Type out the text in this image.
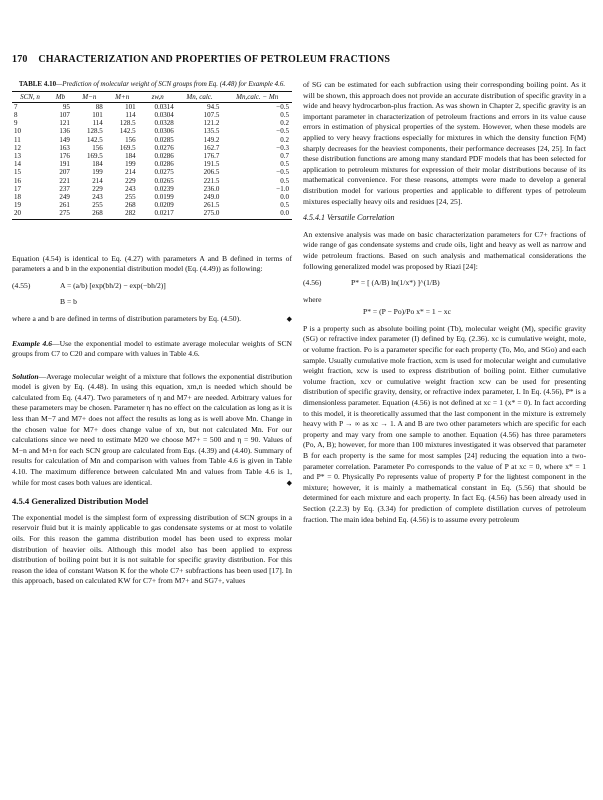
170 CHARACTERIZATION AND PROPERTIES OF PETROLEUM FRACTIONS
TABLE 4.10—Prediction of molecular weight of SCN groups from Eq. (4.48) for Example 4.6.
SCN, n	Mb	M−n	M+n	zw,n	Mn, calc.	Mn,calc. − Mn
7	95	88	101	0.0314	94.5	−0.5
8	107	101	114	0.0304	107.5	0.5
9	121	114	128.5	0.0328	121.2	0.2
10	136	128.5	142.5	0.0306	135.5	−0.5
11	149	142.5	156	0.0285	149.2	0.2
12	163	156	169.5	0.0276	162.7	−0.3
13	176	169.5	184	0.0286	176.7	0.7
14	191	184	199	0.0286	191.5	0.5
15	207	199	214	0.0275	206.5	−0.5
16	221	214	229	0.0265	221.5	0.5
17	237	229	243	0.0239	236.0	−1.0
18	249	243	255	0.0199	249.0	0.0
19	261	255	268	0.0209	261.5	0.5
20	275	268	282	0.0217	275.0	0.0

Equation (4.54) is identical to Eq. (4.27) with parameters A and B defined in terms of parameters a and b in the exponential distribution model (Eq. (4.49)) as following:

(4.55)	A = (a/b) [exp(bh/2) − exp(−bh/2)]
B = b

where a and b are defined in terms of distribution parameters by Eq. (4.50).	◆

Example 4.6—Use the exponential model to estimate average molecular weights of SCN groups from C7 to C20 and compare with values in Table 4.6.

Solution—Average molecular weight of a mixture that follows the exponential distribution model is given by Eq. (4.48). In using this equation, xm,n is needed which should be calculated from Eq. (4.47). Two parameters of η and M7+ are needed. Arbitrary values for these parameters may be chosen. Parameter η has no effect on the calculation as long as it is less than M−7 and M7+ does not affect the results as long as is well above Mn. Change in the chosen value for M7+ does change value of xn, but not calculated Mn. For our calculations since we need to estimate M20 we choose M7+ = 500 and η = 90. Values of M−n and M+n for each SCN group are calculated from Eqs. (4.39) and (4.40). Summary of results for calculation of Mn and comparison with values from Table 4.6 is given in Table 4.10. The maximum difference between calculated Mn and values from Table 4.6 is 1, while for most cases both values are identical.	◆

4.5.4 Generalized Distribution Model

The exponential model is the simplest form of expressing distribution of SCN groups in a reservoir fluid but it is mainly applicable to gas condensate systems or at most to volatile oils. For this reason the gamma distribution model has been used to express molar distribution of heavier oils. Although this model also has been applied to express distribution of boiling point but it is not suitable for specific gravity distribution. For this reason the idea of constant Watson K for the whole C7+ subfractions has been used [17]. In this approach, based on calculated KW for C7+ from M7+ and SG7+, values

of SG can be estimated for each subfraction using their corresponding boiling point. As it will be shown, this approach does not provide an accurate distribution of specific gravity in a wide and heavy hydrocarbon-plus fraction. As was shown in Chapter 2, specific gravity is an important parameter in characterization of petroleum fractions and errors in its value cause errors in estimation of physical properties of the system. However, when these models are applied to very heavy fractions especially for mixtures in which the density function F(M) sharply decreases for the heaviest components, their performance decreases [24, 25]. In fact these distribution functions are among many standard PDF models that has been selected for application to petroleum mixtures for expression of their molar distributions because of its mathematical convenience. For these reasons, attempts were made to develop a general distribution model for various properties and applicable to different types of petroleum mixtures especially heavy oils and residues [24, 25].

4.5.4.1 Versatile Correlation

An extensive analysis was made on basic characterization parameters for C7+ fractions of wide range of gas condensate systems and crude oils, light and heavy as well as narrow and wide petroleum fractions. Based on such analysis and mathematical considerations the following generalized model was proposed by Riazi [24]:

(4.56)	P* = [ (A/B) ln(1/x*) ]^(1/B)
where
P* = (P − Po)/Po x* = 1 − xc

P is a property such as absolute boiling point (Tb), molecular weight (M), specific gravity (SG) or refractive index parameter (I) defined by Eq. (2.36). xc is cumulative weight, mole, or volume fraction. Po is a parameter specific for each property (To, Mo, and SGo) and each sample. Usually cumulative mole fraction, xcm is used for molecular weight and cumulative weight fraction, xcw is used to express distribution of boiling point. Either cumulative volume fraction, xcv or cumulative weight fraction xcw can be used for presenting distribution of specific gravity, density, or refractive index parameter, I. In Eq. (4.56), P* is a dimensionless parameter. Equation (4.56) is not defined at xc = 1 (x* = 0). In fact according to this model, it is theoretically assumed that the last component in the mixture is extremely heavy with P → ∞ as xc → 1. A and B are two other parameters which are specific for each property and may vary from one sample to another. Equation (4.56) has three parameters (Po, A, B); however, for more than 100 mixtures investigated it was observed that parameter B for each property is the same for most samples [24] reducing the equation into a two-parameter correlation. Parameter Po corresponds to the value of P at xc = 0, where x* = 1 and P* = 0. Physically Po represents value of property P for the lightest component in the mixture; however, it is mainly a mathematical constant in Eq. (5.56) that should be determined for each mixture and each property. In fact Eq. (4.56) has been already used in Section (2.2.3) by Eq. (3.34) for prediction of complete distillation curves of petroleum fraction. The main idea behind Eq. (4.56) is to assume every petroleum
